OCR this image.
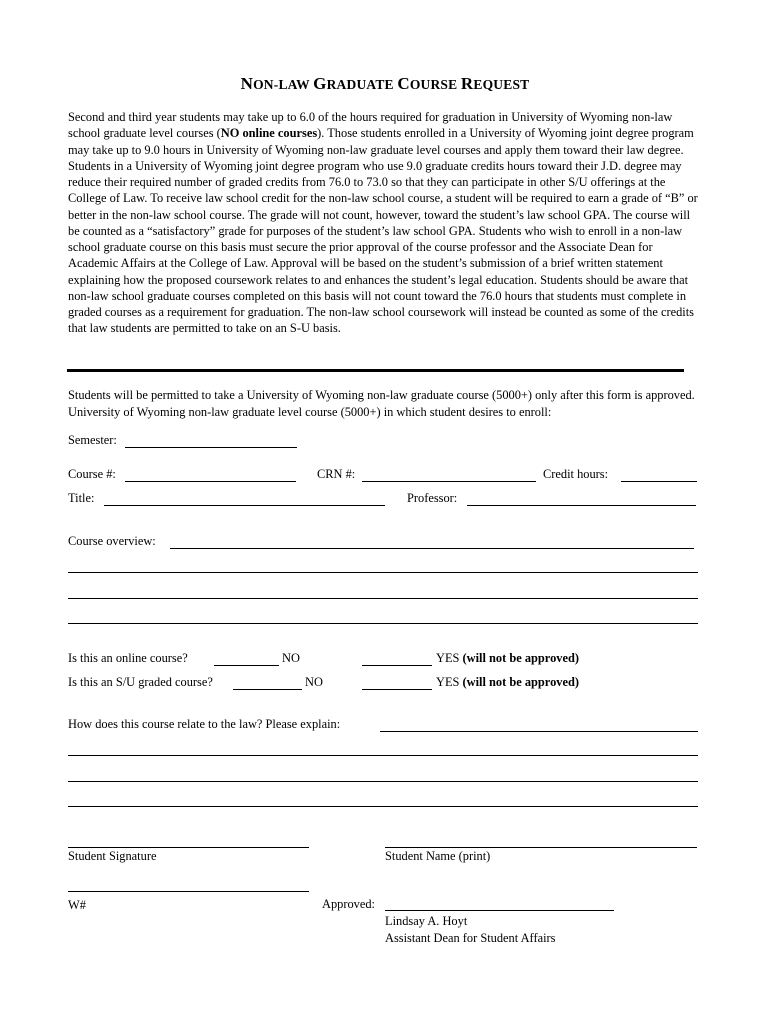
NON-LAW GRADUATE COURSE REQUEST

Second and third year students may take up to 6.0 of the hours required for graduation in University of Wyoming non-law school graduate level courses (NO online courses). Those students enrolled in a University of Wyoming joint degree program may take up to 9.0 hours in University of Wyoming non-law graduate level courses and apply them toward their law degree. Students in a University of Wyoming joint degree program who use 9.0 graduate credits hours toward their J.D. degree may reduce their required number of graded credits from 76.0 to 73.0 so that they can participate in other S/U offerings at the College of Law. To receive law school credit for the non-law school course, a student will be required to earn a grade of “B” or better in the non-law school course. The grade will not count, however, toward the student’s law school GPA. The course will be counted as a “satisfactory” grade for purposes of the student’s law school GPA. Students who wish to enroll in a non-law school graduate course on this basis must secure the prior approval of the course professor and the Associate Dean for Academic Affairs at the College of Law. Approval will be based on the student’s submission of a brief written statement explaining how the proposed coursework relates to and enhances the student’s legal education. Students should be aware that non-law school graduate courses completed on this basis will not count toward the 76.0 hours that students must complete in graded courses as a requirement for graduation. The non-law school coursework will instead be counted as some of the credits that law students are permitted to take on an S-U basis.

Students will be permitted to take a University of Wyoming non-law graduate course (5000+) only after this form is approved. University of Wyoming non-law graduate level course (5000+) in which student desires to enroll:

Semester:
Course #:	CRN #:	Credit hours:
Title:	Professor:
Course overview:
Is this an online course?	NO	YES (will not be approved)
Is this an S/U graded course?	NO	YES (will not be approved)
How does this course relate to the law? Please explain:
Student Signature	Student Name (print)
W#	Approved:
Lindsay A. Hoyt
Assistant Dean for Student Affairs
